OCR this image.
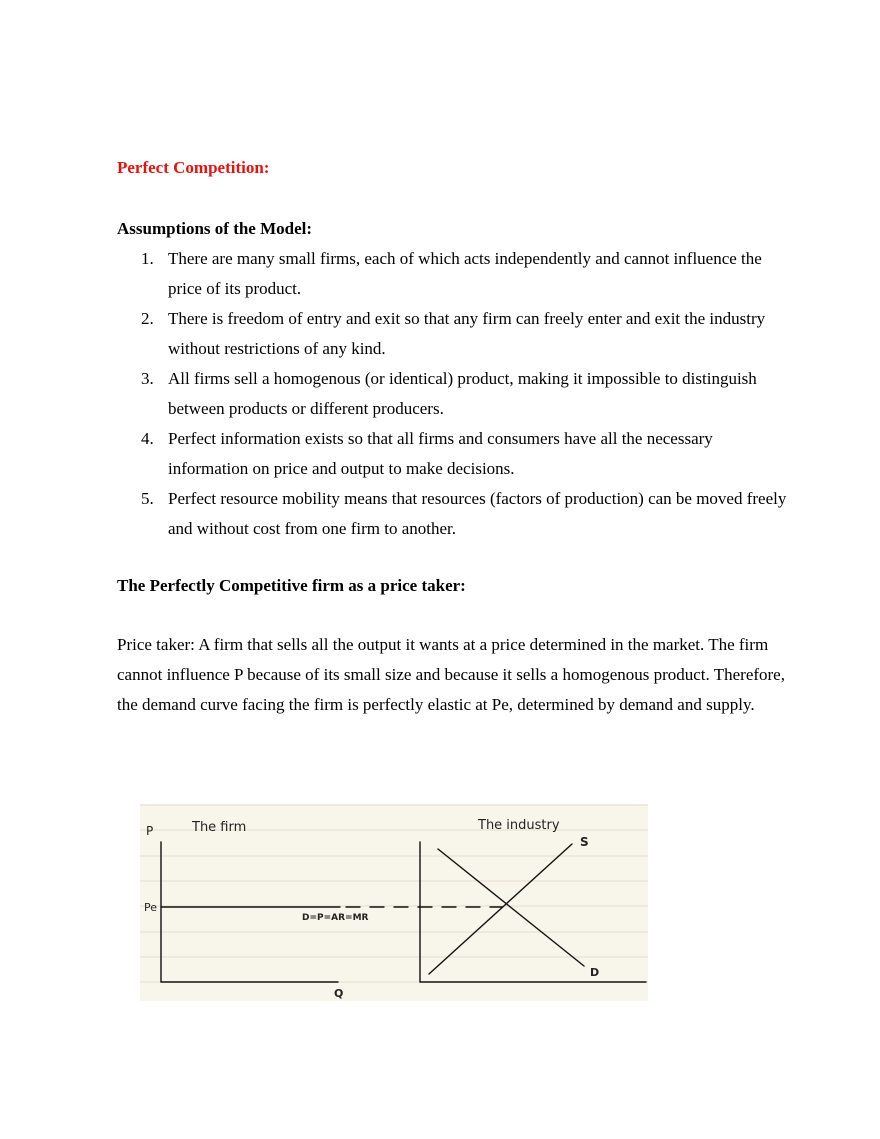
Perfect Competition:
Assumptions of the Model:
1. There are many small firms, each of which acts independently and cannot influence the price of its product.
2. There is freedom of entry and exit so that any firm can freely enter and exit the industry without restrictions of any kind.
3. All firms sell a homogenous (or identical) product, making it impossible to distinguish between products or different producers.
4. Perfect information exists so that all firms and consumers have all the necessary information on price and output to make decisions.
5. Perfect resource mobility means that resources (factors of production) can be moved freely and without cost from one firm to another.
The Perfectly Competitive firm as a price taker:

Price taker: A firm that sells all the output it wants at a price determined in the market. The firm cannot influence P because of its small size and because it sells a homogenous product. Therefore, the demand curve facing the firm is perfectly elastic at Pe, determined by demand and supply.

The firm	The industry
P
Pe
Q
D=P=AR=MR
S
D
